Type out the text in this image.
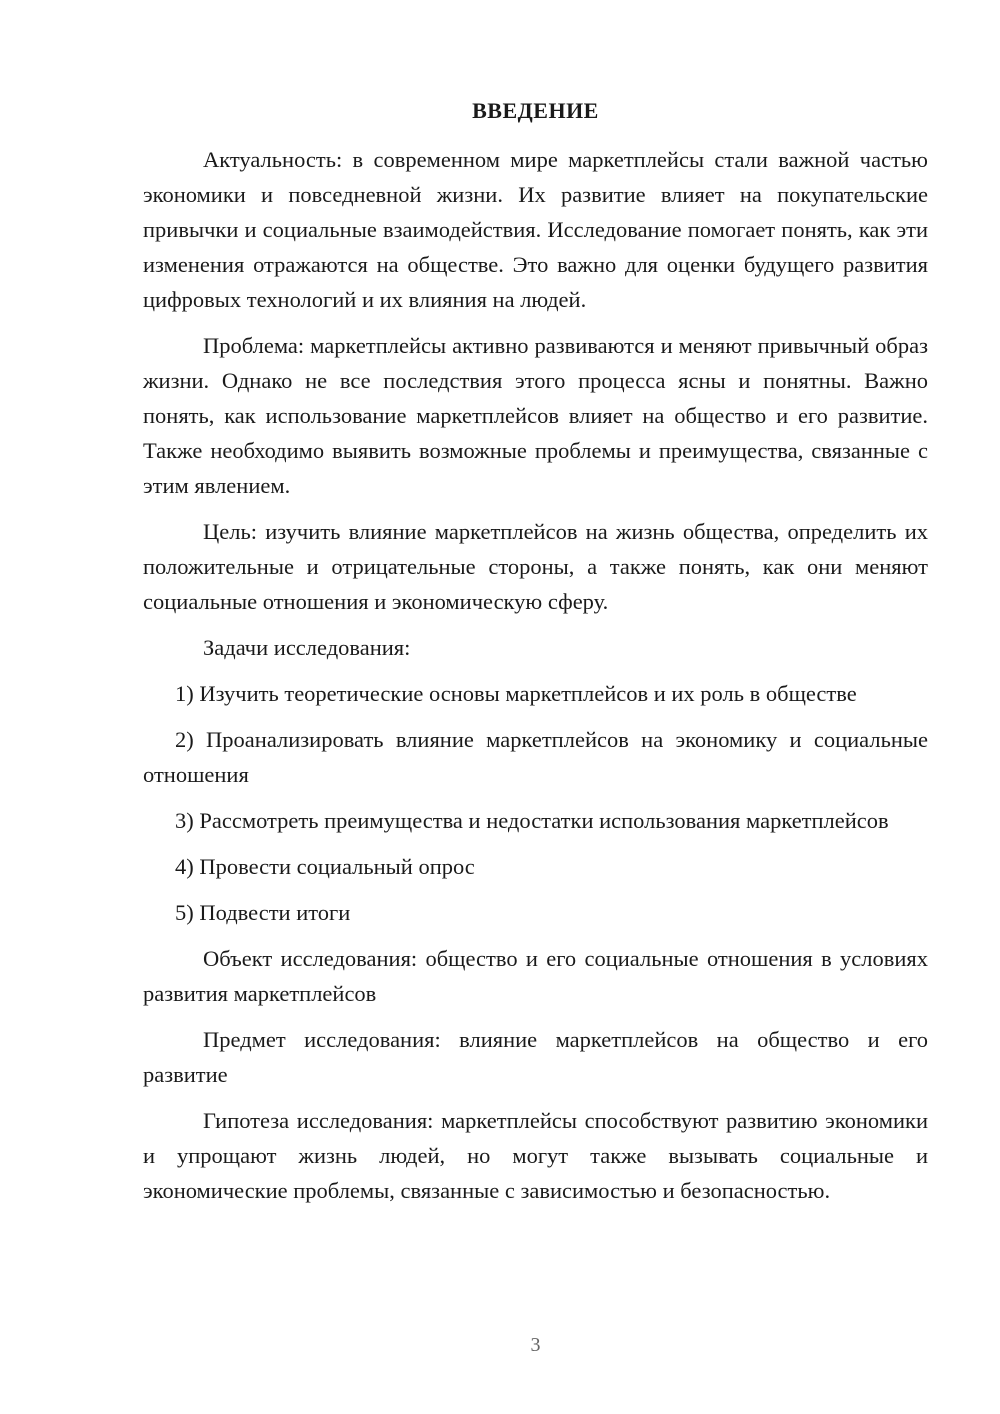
ВВЕДЕНИЕ

Актуальность: в современном мире маркетплейсы стали важной частью экономики и повседневной жизни. Их развитие влияет на покупательские привычки и социальные взаимодействия. Исследование помогает понять, как эти изменения отражаются на обществе. Это важно для оценки будущего развития цифровых технологий и их влияния на людей.

Проблема: маркетплейсы активно развиваются и меняют привычный образ жизни. Однако не все последствия этого процесса ясны и понятны. Важно понять, как использование маркетплейсов влияет на общество и его развитие. Также необходимо выявить возможные проблемы и преимущества, связанные с этим явлением.

Цель: изучить влияние маркетплейсов на жизнь общества, определить их положительные и отрицательные стороны, а также понять, как они меняют социальные отношения и экономическую сферу.

Задачи исследования:

1) Изучить теоретические основы маркетплейсов и их роль в обществе

2) Проанализировать влияние маркетплейсов на экономику и социальные отношения

3) Рассмотреть преимущества и недостатки использования маркетплейсов

4) Провести социальный опрос

5) Подвести итоги

Объект исследования: общество и его социальные отношения в условиях развития маркетплейсов

Предмет исследования: влияние маркетплейсов на общество и его развитие

Гипотеза исследования: маркетплейсы способствуют развитию экономики и упрощают жизнь людей, но могут также вызывать социальные и экономические проблемы, связанные с зависимостью и безопасностью.

3
